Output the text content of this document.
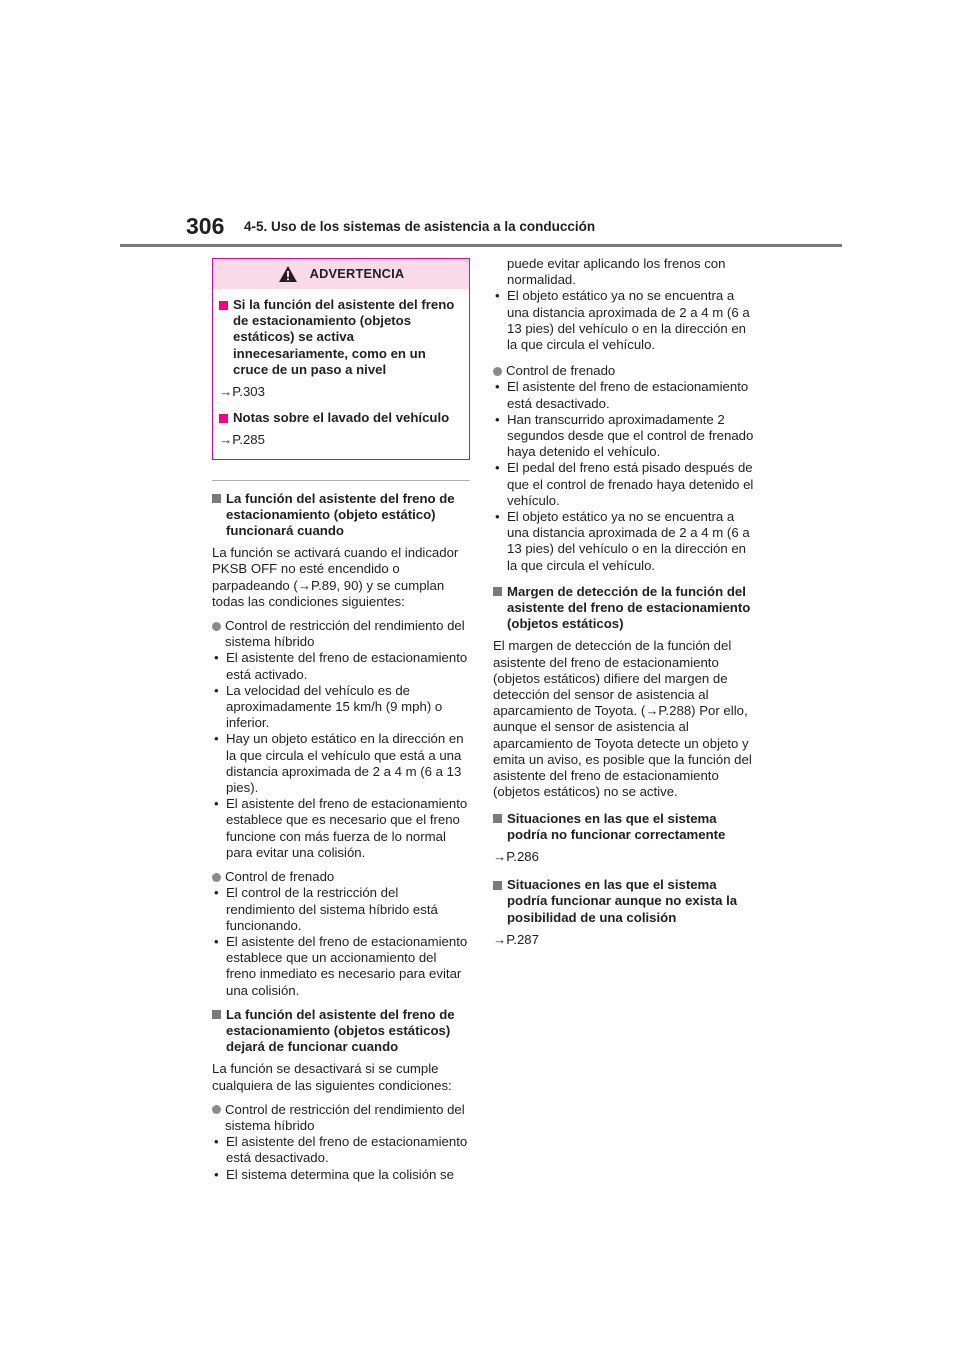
306 4-5. Uso de los sistemas de asistencia a la conducción
ADVERTENCIA
Si la función del asistente del freno de estacionamiento (objetos estáticos) se activa innecesariamente, como en un cruce de un paso a nivel
→P.303
Notas sobre el lavado del vehículo
→P.285
La función del asistente del freno de estacionamiento (objeto estático) funcionará cuando

La función se activará cuando el indicador PKSB OFF no esté encendido o parpadeando (→P.89, 90) y se cumplan todas las condiciones siguientes:

Control de restricción del rendimiento del sistema híbrido
• El asistente del freno de estacionamiento está activado.
• La velocidad del vehículo es de aproximadamente 15 km/h (9 mph) o inferior.
• Hay un objeto estático en la dirección en la que circula el vehículo que está a una distancia aproximada de 2 a 4 m (6 a 13 pies).
• El asistente del freno de estacionamiento establece que es necesario que el freno funcione con más fuerza de lo normal para evitar una colisión.
Control de frenado
• El control de la restricción del rendimiento del sistema híbrido está funcionando.
• El asistente del freno de estacionamiento establece que un accionamiento del freno inmediato es necesario para evitar una colisión.
La función del asistente del freno de estacionamiento (objetos estáticos) dejará de funcionar cuando

La función se desactivará si se cumple cualquiera de las siguientes condiciones:

Control de restricción del rendimiento del sistema híbrido
• El asistente del freno de estacionamiento está desactivado.
• El sistema determina que la colisión se
puede evitar aplicando los frenos con normalidad.
• El objeto estático ya no se encuentra a una distancia aproximada de 2 a 4 m (6 a 13 pies) del vehículo o en la dirección en la que circula el vehículo.
Control de frenado
• El asistente del freno de estacionamiento está desactivado.
• Han transcurrido aproximadamente 2 segundos desde que el control de frenado haya detenido el vehículo.
• El pedal del freno está pisado después de que el control de frenado haya detenido el vehículo.
• El objeto estático ya no se encuentra a una distancia aproximada de 2 a 4 m (6 a 13 pies) del vehículo o en la dirección en la que circula el vehículo.
Margen de detección de la función del asistente del freno de estacionamiento (objetos estáticos)

El margen de detección de la función del asistente del freno de estacionamiento (objetos estáticos) difiere del margen de detección del sensor de asistencia al aparcamiento de Toyota. (→P.288) Por ello, aunque el sensor de asistencia al aparcamiento de Toyota detecte un objeto y emita un aviso, es posible que la función del asistente del freno de estacionamiento (objetos estáticos) no se active.

Situaciones en las que el sistema podría no funcionar correctamente
→P.286
Situaciones en las que el sistema podría funcionar aunque no exista la posibilidad de una colisión
→P.287
